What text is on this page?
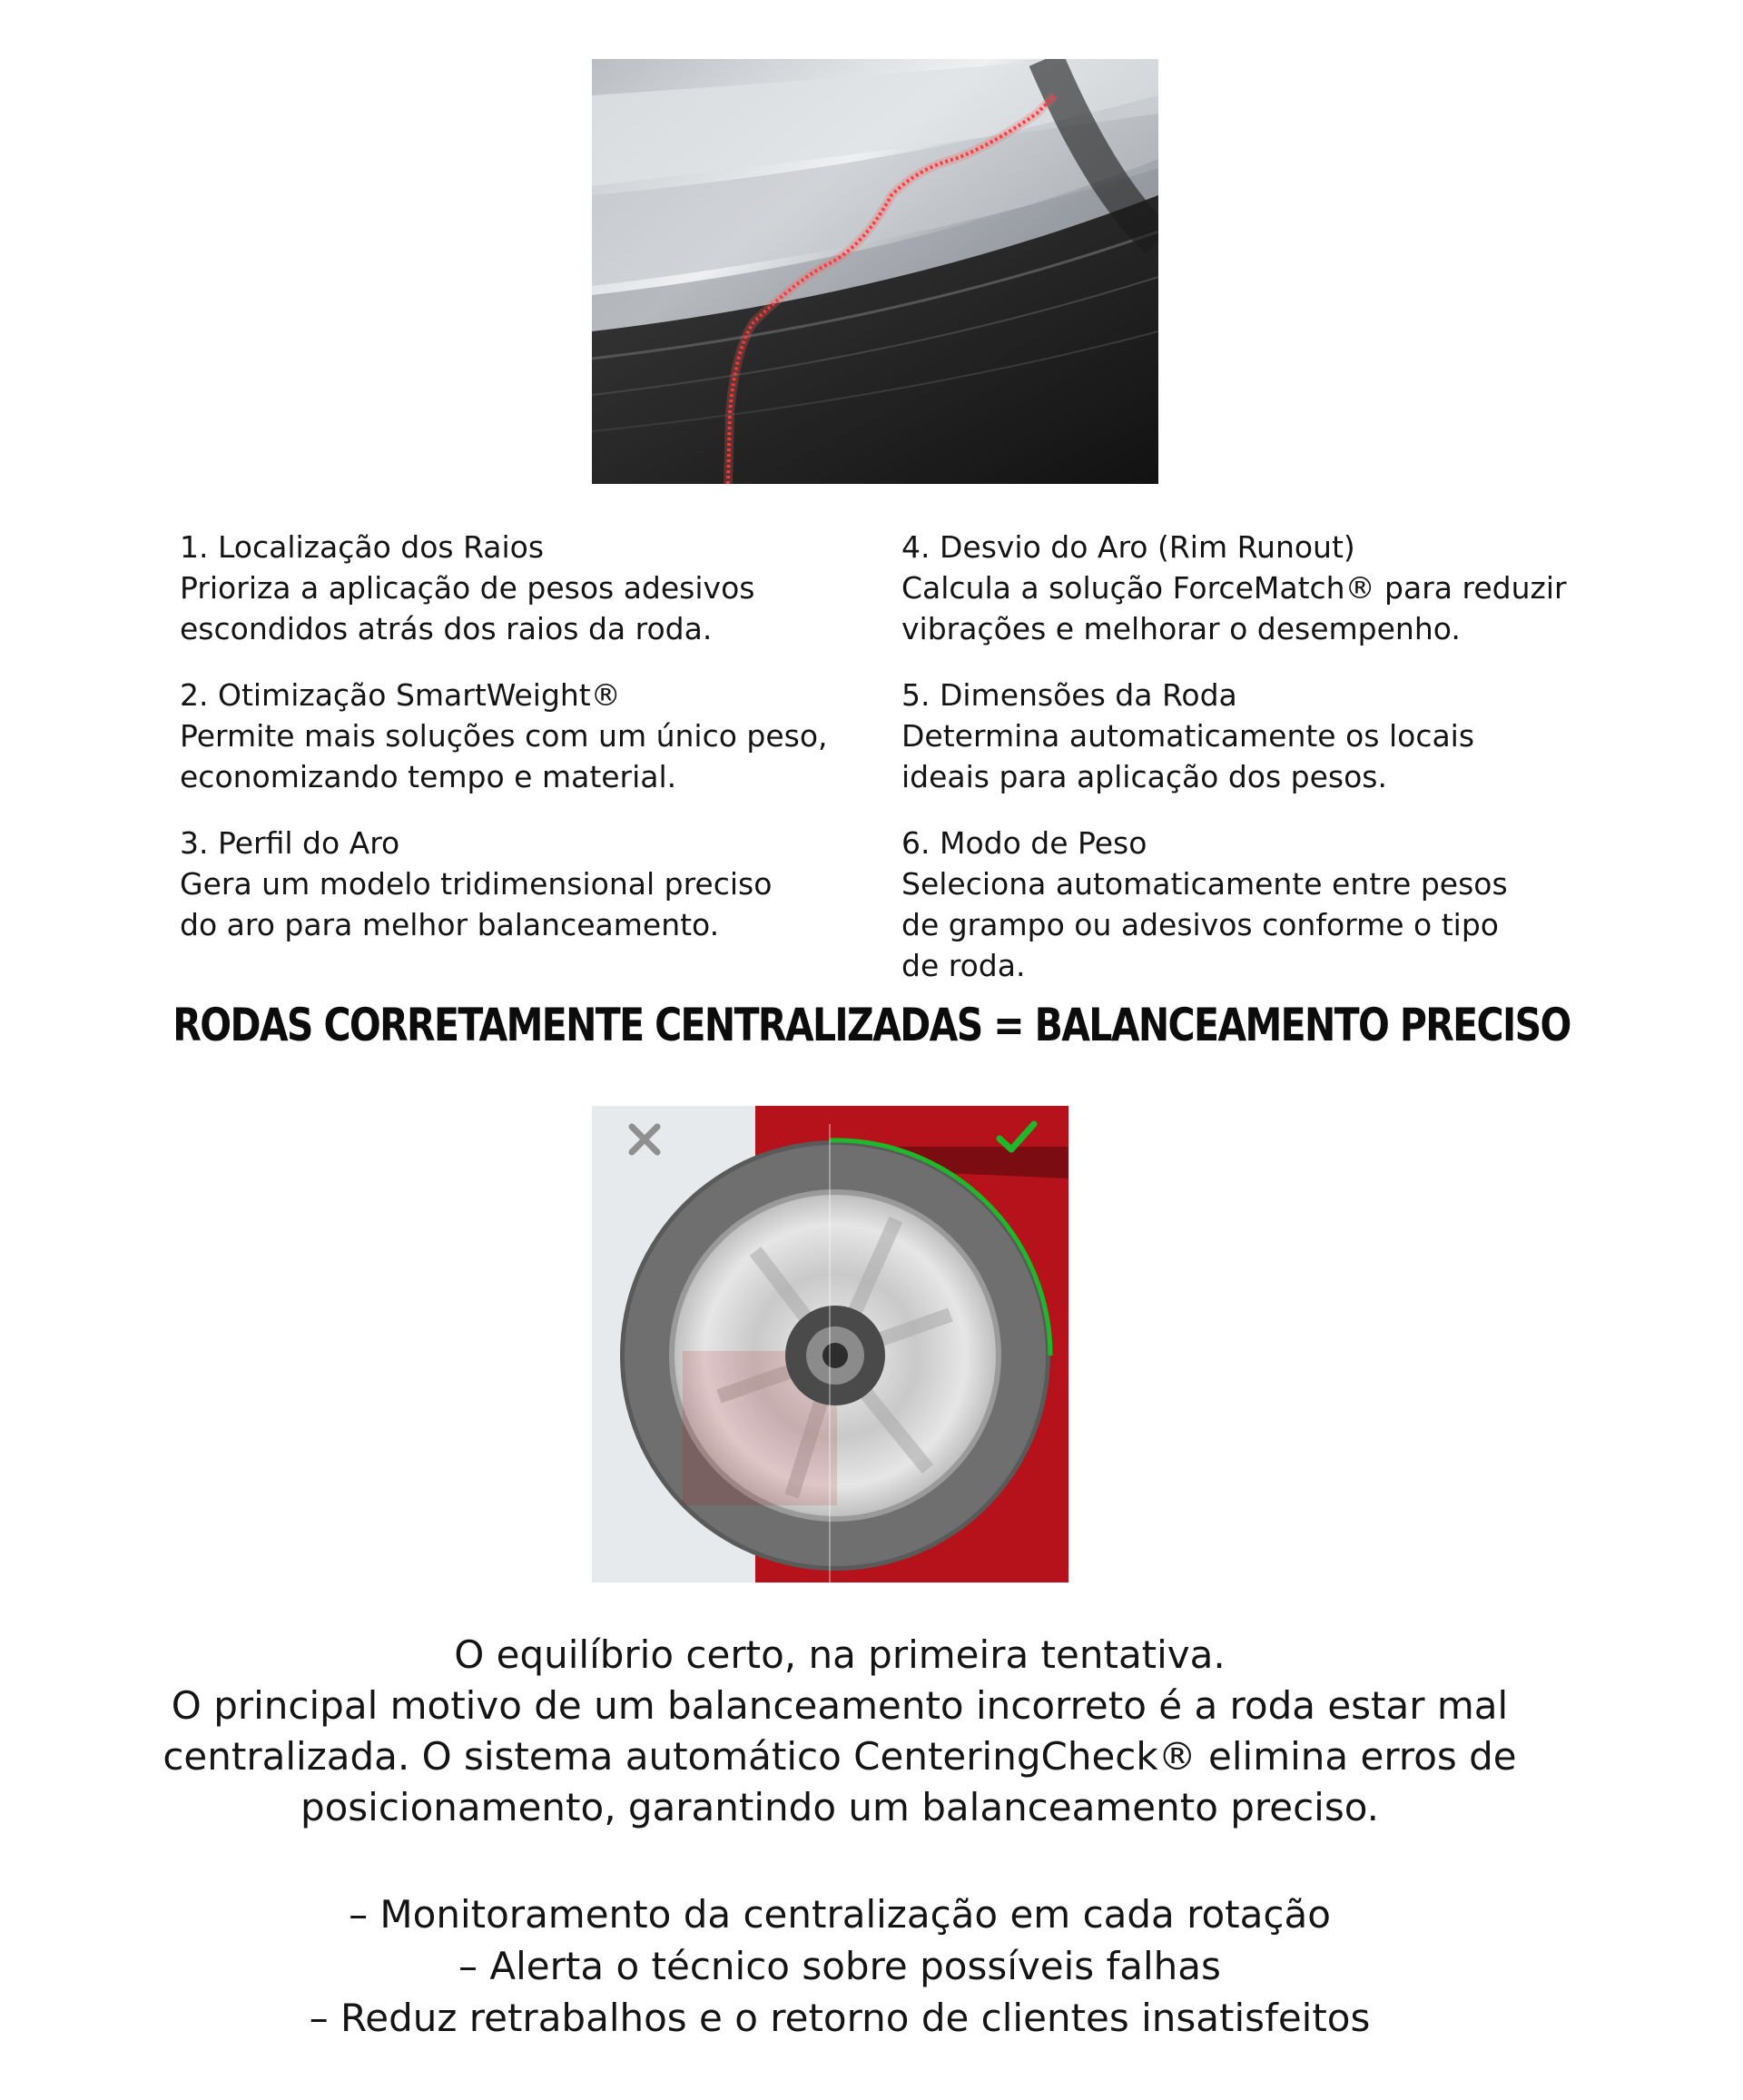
1. Localização dos Raios
Prioriza a aplicação de pesos adesivos
escondidos atrás dos raios da roda.
4. Desvio do Aro (Rim Runout)
Calcula a solução ForceMatch® para reduzir
vibrações e melhorar o desempenho.
2. Otimização SmartWeight®
Permite mais soluções com um único peso,
economizando tempo e material.
5. Dimensões da Roda
Determina automaticamente os locais
ideais para aplicação dos pesos.
3. Perfil do Aro
Gera um modelo tridimensional preciso
do aro para melhor balanceamento.
6. Modo de Peso
Seleciona automaticamente entre pesos
de grampo ou adesivos conforme o tipo
de roda.
RODAS CORRETAMENTE CENTRALIZADAS = BALANCEAMENTO PRECISO
O equilíbrio certo, na primeira tentativa.
O principal motivo de um balanceamento incorreto é a roda estar mal
centralizada. O sistema automático CenteringCheck® elimina erros de
posicionamento, garantindo um balanceamento preciso.
– Monitoramento da centralização em cada rotação
– Alerta o técnico sobre possíveis falhas
– Reduz retrabalhos e o retorno de clientes insatisfeitos
